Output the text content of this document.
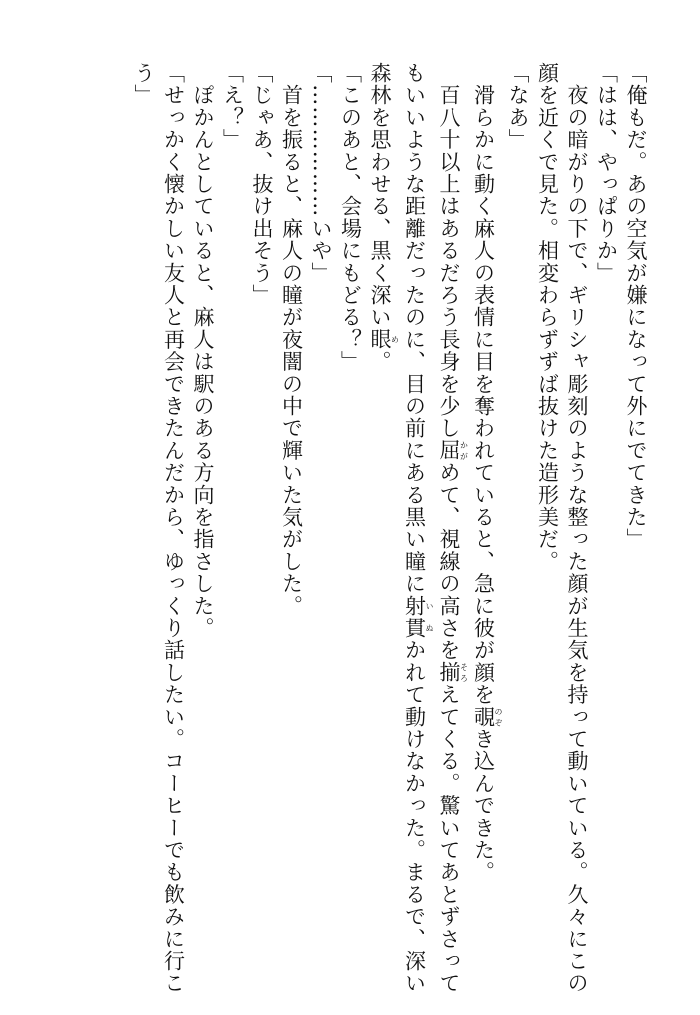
「俺もだ。あの空気が嫌になって外にでてきた」
「はは、やっぱりか」
　夜の暗がりの下で、ギリシャ彫刻のような整った顔が生気を持って動いている。久々にこの
顔を近くで見た。相変わらずずば抜けた造形美だ。
「なあ」
　滑らかに動く麻人の表情に目を奪われていると、急に彼が顔を覗のぞき込んできた。
　百八十以上はあるだろう長身を少し屈かがめて、視線の高さを揃そろえてくる。驚いてあとずさって
もいいような距離だったのに、目の前にある黒い瞳に射貫いぬかれて動けなかった。まるで、深い
森林を思わせる、黒く深い眼め。
「このあと、会場にもどる？」
「………………いや」
　首を振ると、麻人の瞳が夜闇の中で輝いた気がした。
「じゃあ、抜け出そう」
「え？」
　ぽかんとしていると、麻人は駅のある方向を指さした。
「せっかく懐かしい友人と再会できたんだから、ゆっくり話したい。コーヒーでも飲みに行こ
う」
